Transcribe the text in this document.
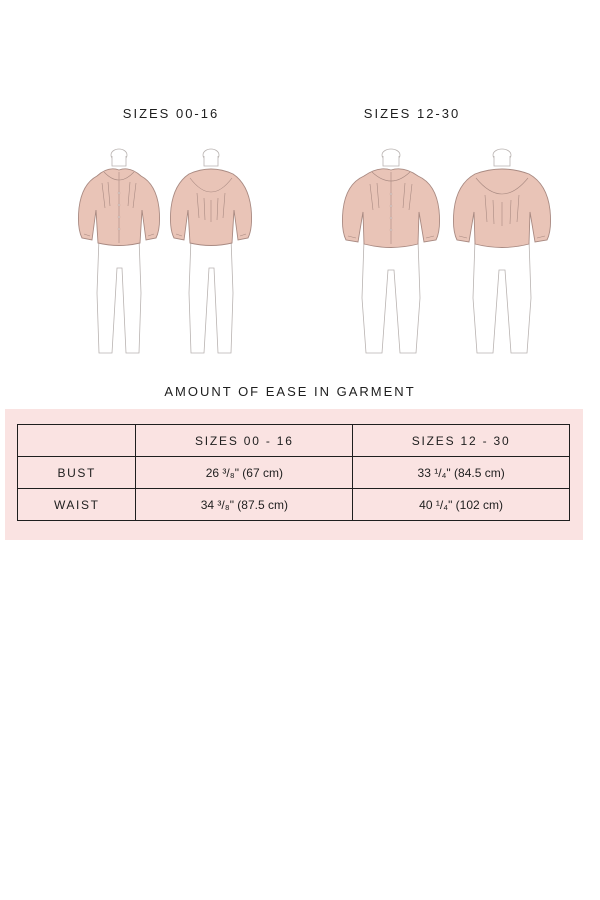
SIZES 00-16	SIZES 12-30
AMOUNT OF EASE IN GARMENT
	SIZES 00 - 16	SIZES 12 - 30
BUST	26 ³/₈" (67 cm)	33 ¹/₄" (84.5 cm)
WAIST	34 ³/₈" (87.5 cm)	40 ¹/₄" (102 cm)
